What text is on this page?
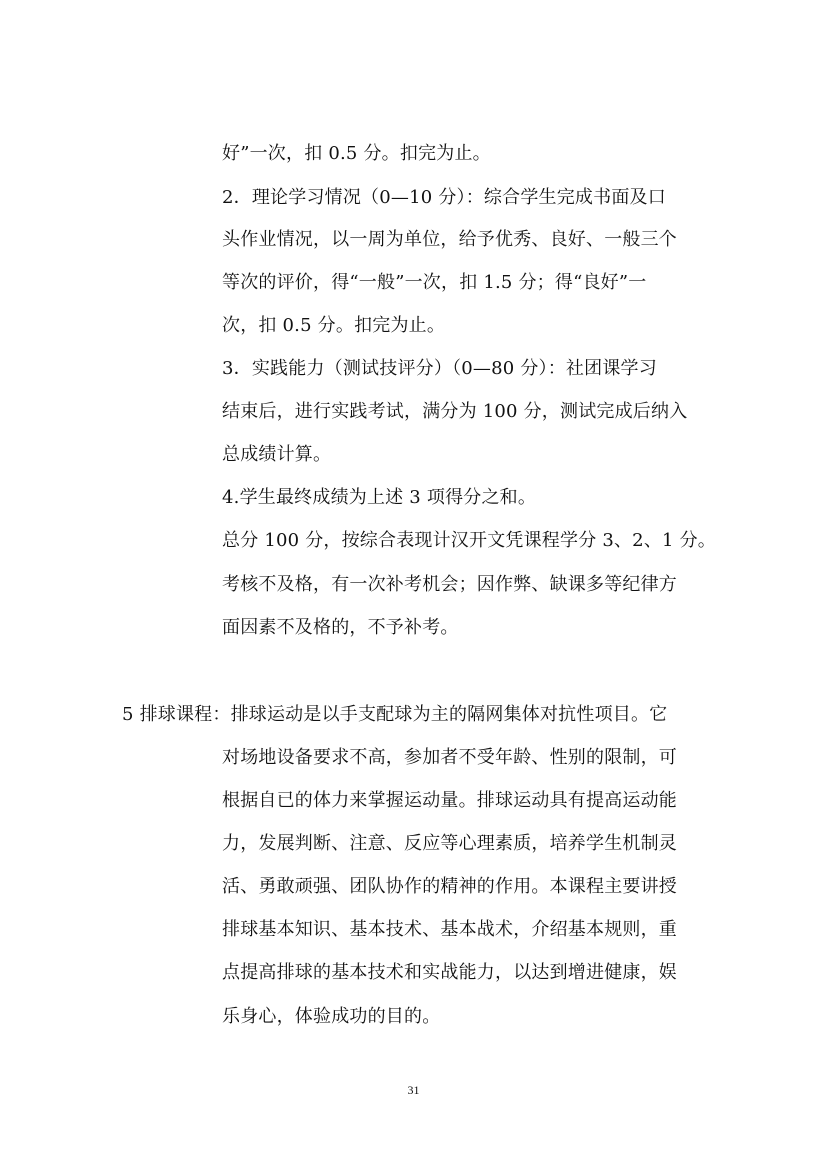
好”一次，扣 0.5 分。扣完为止。
2．理论学习情况（0—10 分）：综合学生完成书面及口
头作业情况，以一周为单位，给予优秀、良好、一般三个
等次的评价，得“一般”一次，扣 1.5 分；得“良好”一
次，扣 0.5 分。扣完为止。
3．实践能力（测试技评分）（0—80 分）：社团课学习
结束后，进行实践考试，满分为 100 分，测试完成后纳入
总成绩计算。
4.学生最终成绩为上述 3 项得分之和。
总分 100 分，按综合表现计汉开文凭课程学分 3、2、1 分。
考核不及格，有一次补考机会；因作弊、缺课多等纪律方
面因素不及格的，不予补考。
5 排球课程：排球运动是以手支配球为主的隔网集体对抗性项目。它
对场地设备要求不高，参加者不受年龄、性别的限制，可
根据自已的体力来掌握运动量。排球运动具有提高运动能
力，发展判断、注意、反应等心理素质，培养学生机制灵
活、勇敢顽强、团队协作的精神的作用。本课程主要讲授
排球基本知识、基本技术、基本战术，介绍基本规则，重
点提高排球的基本技术和实战能力，以达到增进健康，娱
乐身心，体验成功的目的。
31
